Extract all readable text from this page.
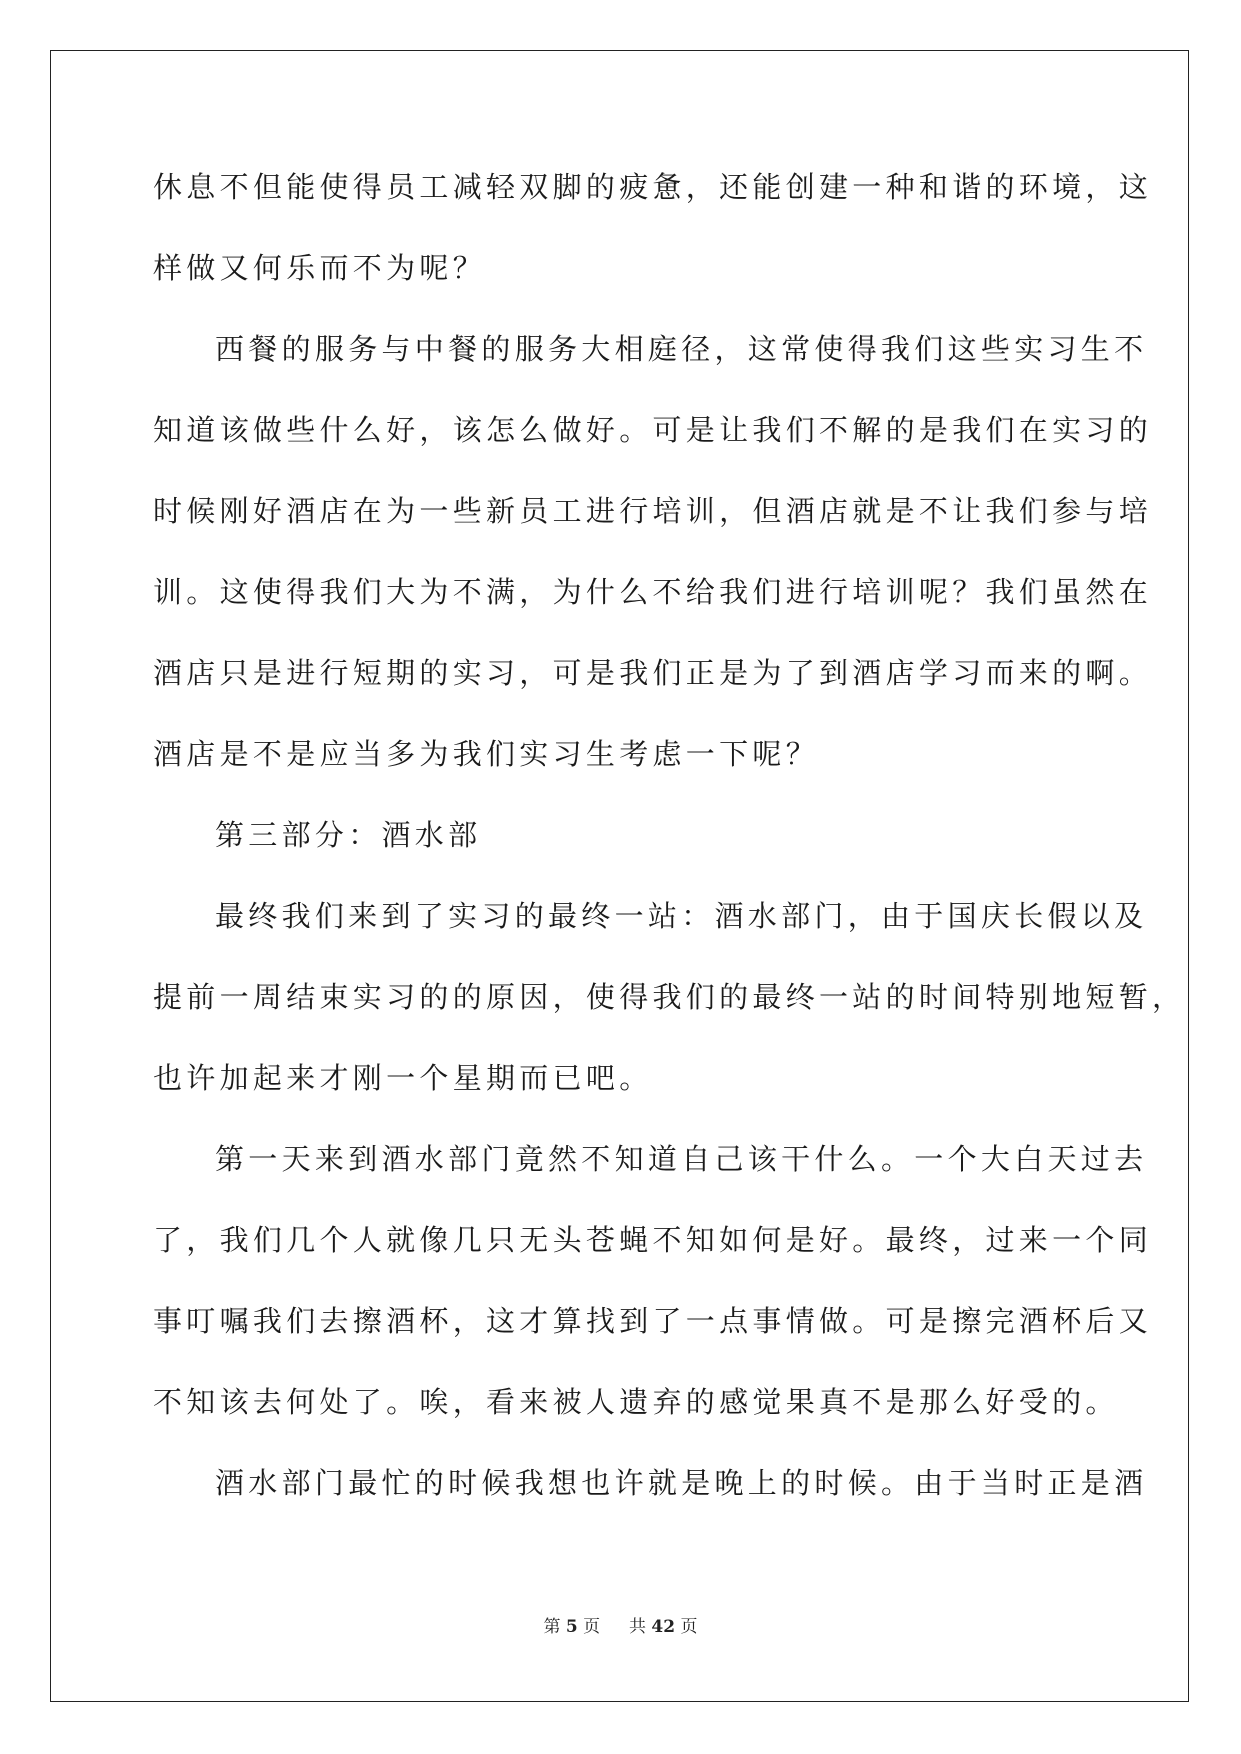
休息不但能使得员工减轻双脚的疲惫，还能创建一种和谐的环境，这
样做又何乐而不为呢？
西餐的服务与中餐的服务大相庭径，这常使得我们这些实习生不
知道该做些什么好，该怎么做好。可是让我们不解的是我们在实习的
时候刚好酒店在为一些新员工进行培训，但酒店就是不让我们参与培
训。这使得我们大为不满，为什么不给我们进行培训呢？我们虽然在
酒店只是进行短期的实习，可是我们正是为了到酒店学习而来的啊。
酒店是不是应当多为我们实习生考虑一下呢？
第三部分：酒水部
最终我们来到了实习的最终一站：酒水部门，由于国庆长假以及
提前一周结束实习的的原因，使得我们的最终一站的时间特别地短暂，
也许加起来才刚一个星期而已吧。
第一天来到酒水部门竟然不知道自己该干什么。一个大白天过去
了，我们几个人就像几只无头苍蝇不知如何是好。最终，过来一个同
事叮嘱我们去擦酒杯，这才算找到了一点事情做。可是擦完酒杯后又
不知该去何处了。唉，看来被人遗弃的感觉果真不是那么好受的。
酒水部门最忙的时候我想也许就是晚上的时候。由于当时正是酒
第 5 页 共 42 页
